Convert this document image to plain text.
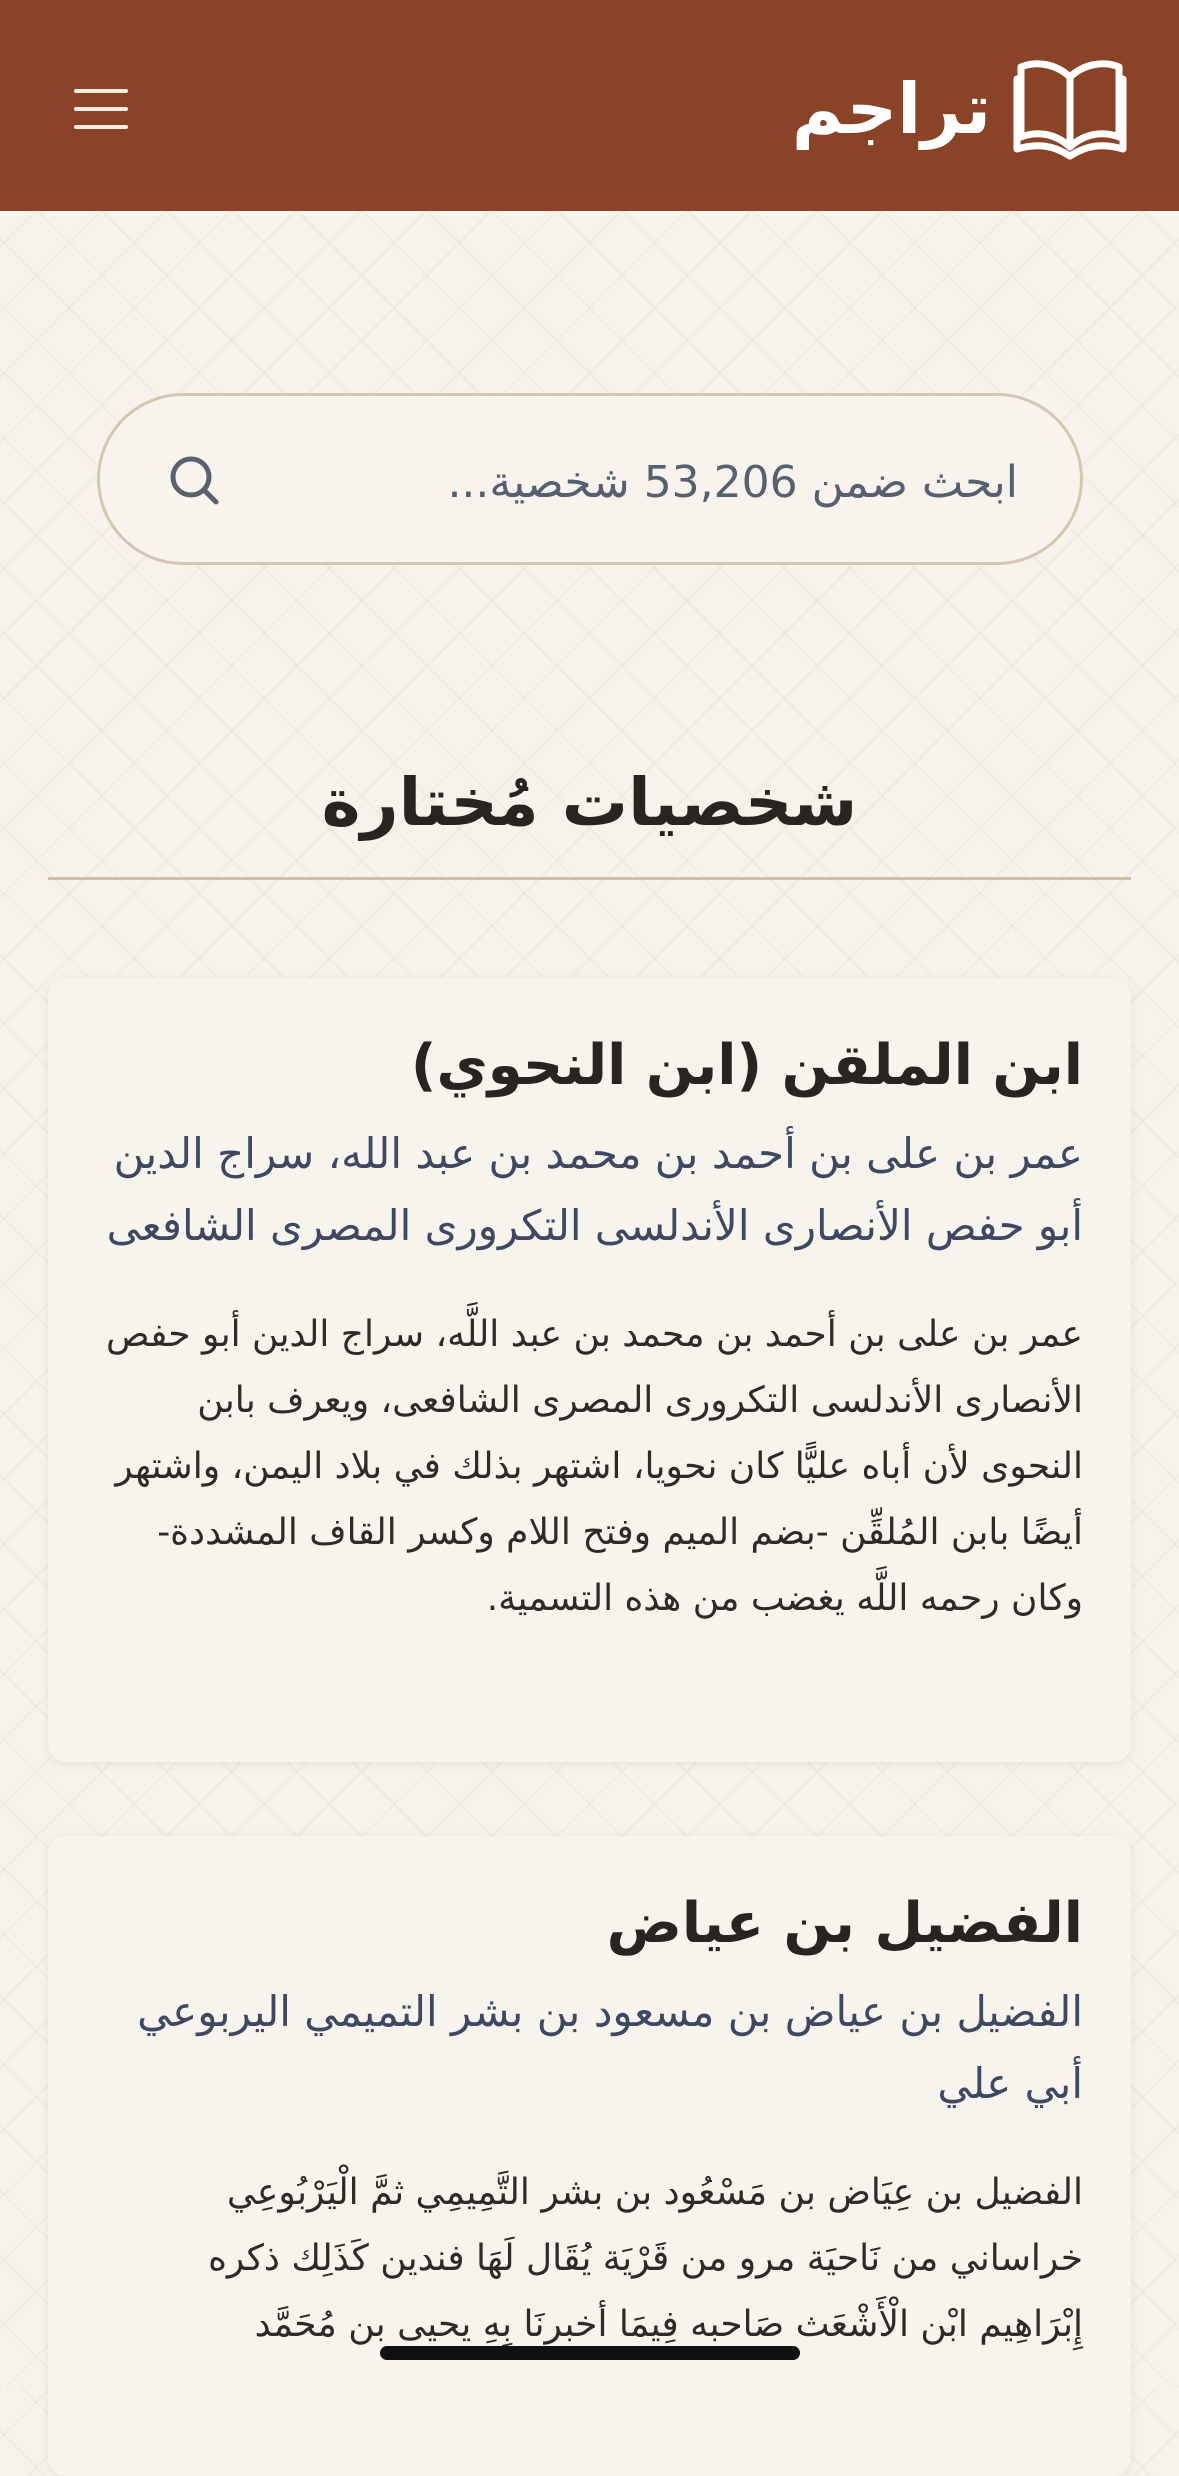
تراجم
ابحث ضمن 53,206 شخصية...
شخصيات مُختارة
ابن الملقن (ابن النحوي)

عمر بن على بن أحمد بن محمد بن عبد الله، سراج الدين أبو حفص الأنصارى الأندلسى التكرورى المصرى الشافعى

عمر بن على بن أحمد بن محمد بن عبد اللَّه، سراج الدين أبو حفص الأنصارى الأندلسى التكرورى المصرى الشافعى، ويعرف بابن النحوى لأن أباه عليًّا كان نحويا، اشتهر بذلك في بلاد اليمن، واشتهر أيضًا بابن المُلقِّن -بضم الميم وفتح اللام وكسر القاف المشددة- وكان رحمه اللَّه يغضب من هذه التسمية.

الفضيل بن عياض

الفضيل بن عياض بن مسعود بن بشر التميمي اليربوعي أبي علي

الفضيل بن عِيَاض بن مَسْعُود بن بشر التَّمِيمِي ثمَّ الْيَرْبُوعِي خراساني من نَاحيَة مرو من قَرْيَة يُقَال لَهَا فندين كَذَلِك ذكره إِبْرَاهِيم ابْن الْأَشْعَث صَاحبه فِيمَا أخبرنَا بِهِ يحيى بن مُحَمَّد
